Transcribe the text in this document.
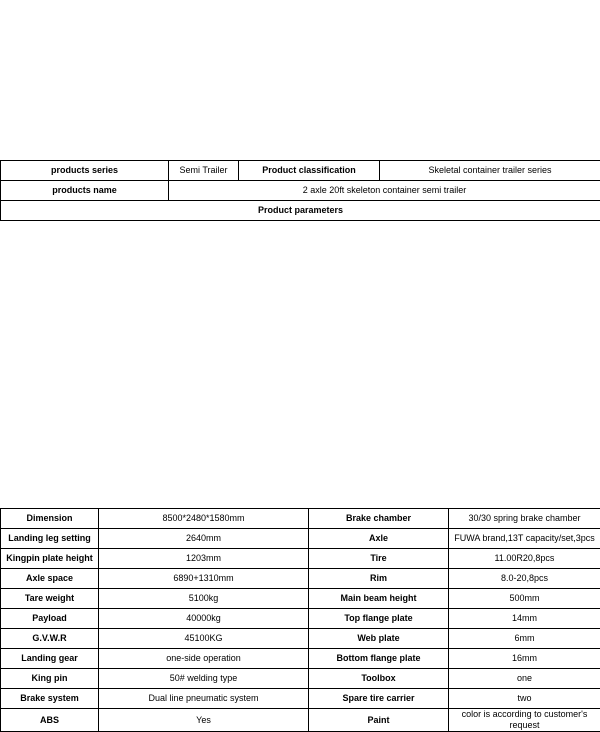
products series	Semi Trailer	Product classification	Skeletal container trailer series
products name	2 axle 20ft skeleton container semi trailer		
Product parameters			
Dimension	8500*2480*1580mm	Brake chamber	30/30 spring brake chamber
Landing leg setting	2640mm	Axle	FUWA brand,13T capacity/set,3pcs
Kingpin plate height	1203mm	Tire	11.00R20,8pcs
Axle space	6890+1310mm	Rim	8.0-20,8pcs
Tare weight	5100kg	Main beam height	500mm
Payload	40000kg	Top flange plate	14mm
G.V.W.R	45100KG	Web plate	6mm
Landing gear	one-side operation	Bottom flange plate	16mm
King pin	50# welding type	Toolbox	one
Brake system	Dual line pneumatic system	Spare tire carrier	two
ABS	Yes	Paint	color is according to customer's request
